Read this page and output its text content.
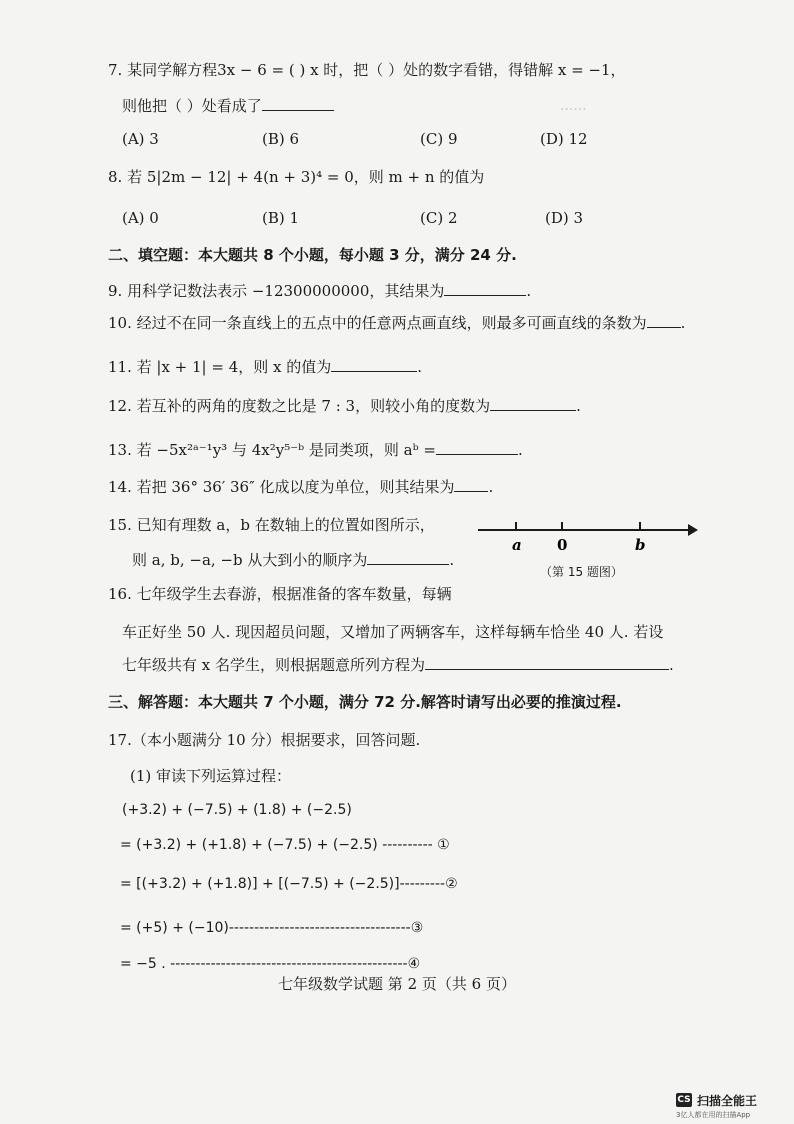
......
7. 某同学解方程3x − 6 = ( ) x 时，把（ ）处的数字看错，得错解 x = −1，
则他把（ ）处看成了
(A) 3	(B) 6	(C) 9	(D) 12
8. 若 5|2m − 12| + 4(n + 3)⁴ = 0，则 m + n 的值为
(A) 0	(B) 1	(C) 2	(D) 3
二、填空题：本大题共 8 个小题，每小题 3 分，满分 24 分.
9. 用科学记数法表示 −12300000000，其结果为	.
10. 经过不在同一条直线上的五点中的任意两点画直线，则最多可画直线的条数为 .
11. 若 |x + 1| = 4，则 x 的值为	.
12. 若互补的两角的度数之比是 7 : 3，则较小角的度数为	.
13. 若 −5x²ᵃ⁻¹y³ 与 4x²y⁵⁻ᵇ 是同类项，则 aᵇ =	.
14. 若把 36° 36′ 36″ 化成以度为单位，则其结果为 .
15. 已知有理数 a，b 在数轴上的位置如图所示，
则 a, b, −a, −b 从大到小的顺序为	.
a 0	b
（第 15 题图）
16. 七年级学生去春游，根据准备的客车数量，每辆
车正好坐 50 人. 现因超员问题，又增加了两辆客车，这样每辆车恰坐 40 人. 若设
七年级共有 x 名学生，则根据题意所列方程为	.
三、解答题：本大题共 7 个小题，满分 72 分.解答时请写出必要的推演过程.
17.（本小题满分 10 分）根据要求，回答问题.
(1) 审读下列运算过程：
(+3.2) + (−7.5) + (1.8) + (−2.5)
= (+3.2) + (+1.8) + (−7.5) + (−2.5) ---------- ①
= [(+3.2) + (+1.8)] + [(−7.5) + (−2.5)]---------②
= (+5) + (−10)------------------------------------③
= −5 . -----------------------------------------------④
七年级数学试题 第 2 页（共 6 页）
CS 扫描全能王
3亿人都在用的扫描App
